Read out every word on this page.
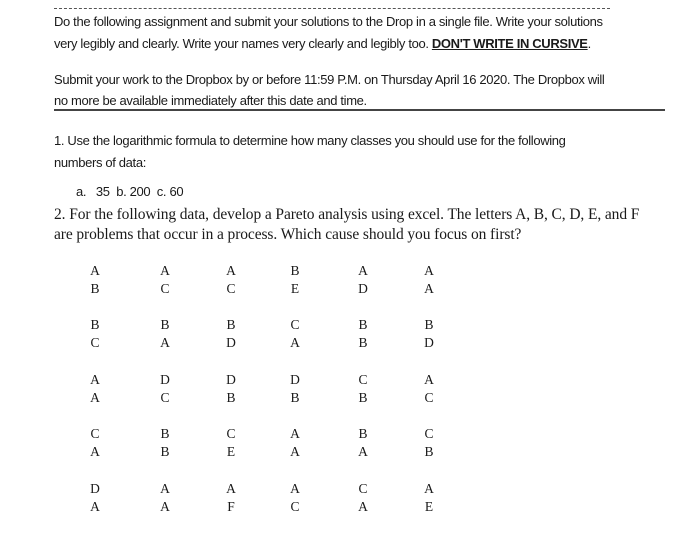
Do the following assignment and submit your solutions to the Drop in a single file. Write your solutions
very legibly and clearly. Write your names very clearly and legibly too. DON'T WRITE IN CURSIVE.
Submit your work to the Dropbox by or before 11:59 P.M. on Thursday April 16 2020. The Dropbox will
no more be available immediately after this date and time.
1. Use the logarithmic formula to determine how many classes you should use for the following
numbers of data:
a.   35  b. 200  c. 60
2. For the following data, develop a Pareto analysis using excel. The letters A, B, C, D, E, and F
are problems that occur in a process. Which cause should you focus on first?
A
B
A
C
A
C
B
E
A
D
A
A
B
C
B
A
B
D
C
A
B
B
B
D
A
A
D
C
D
B
D
B
C
B
A
C
C
A
B
B
C
E
A
A
B
A
C
B
D
A
A
A
A
F
A
C
C
A
A
E
